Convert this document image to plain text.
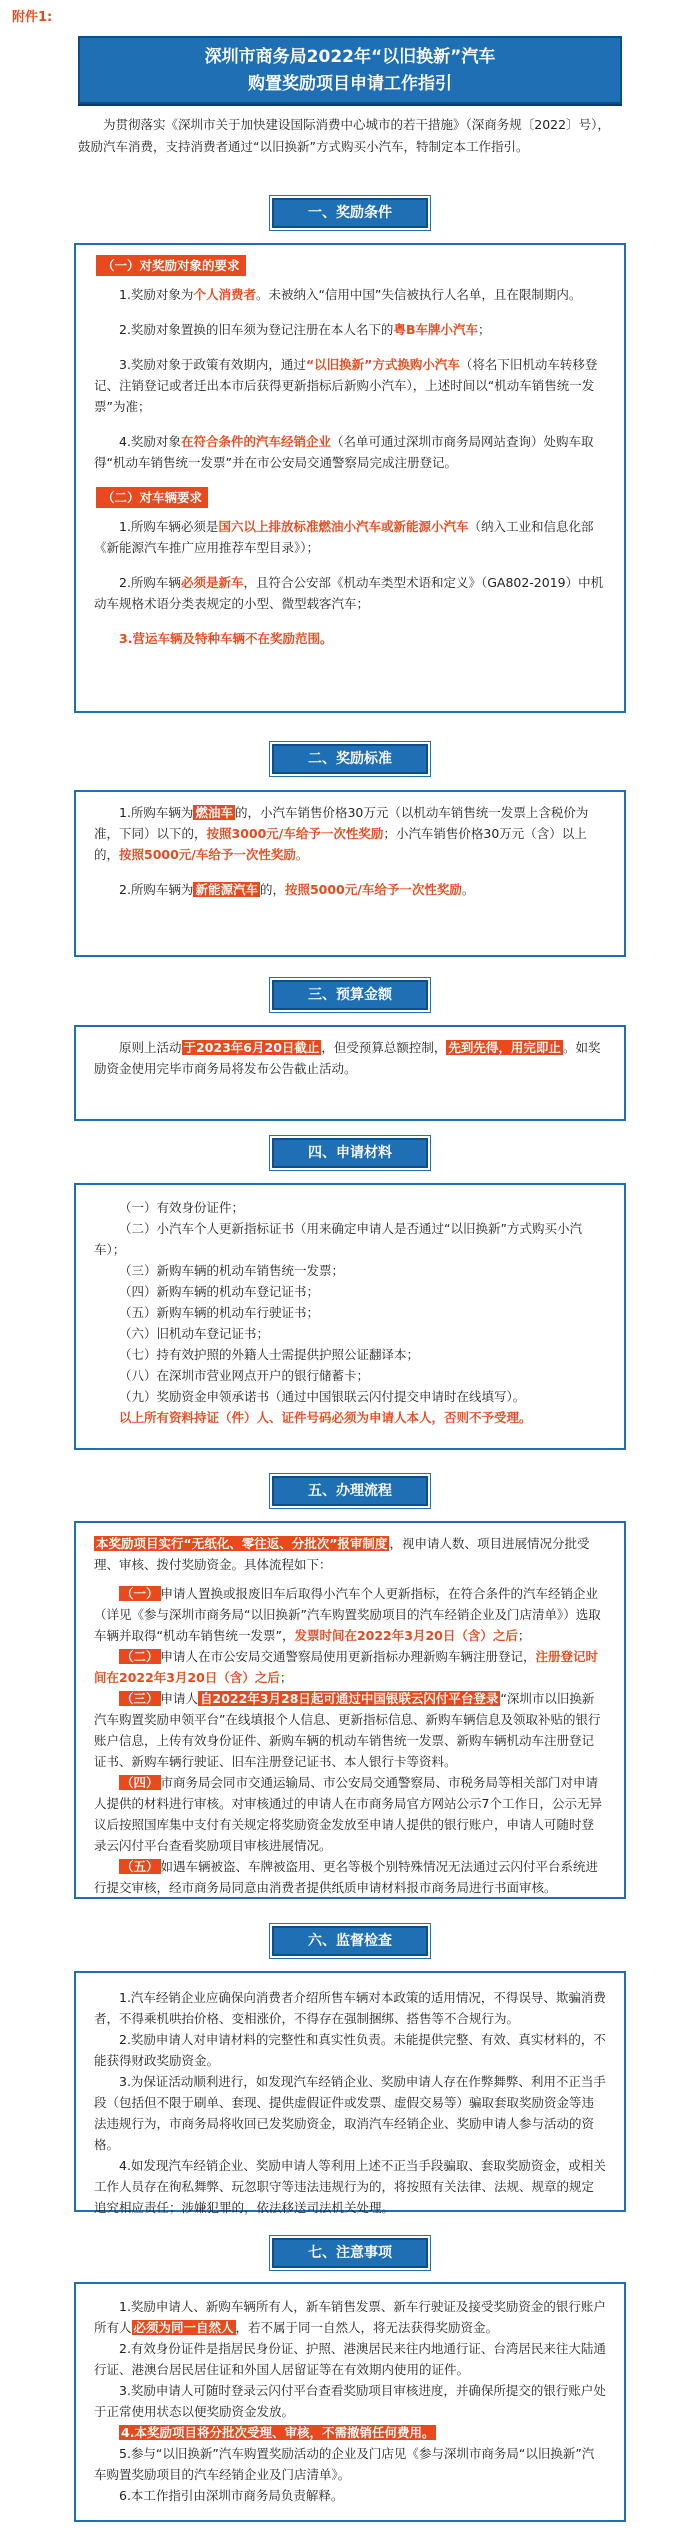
附件1:
深圳市商务局2022年“以旧换新”汽车
购置奖励项目申请工作指引
为贯彻落实《深圳市关于加快建设国际消费中心城市的若干措施》（深商务规〔2022〕号），鼓励汽车消费，支持消费者通过“以旧换新”方式购买小汽车，特制定本工作指引。
一、奖励条件

（一）对奖励对象的要求

1.奖励对象为个人消费者。未被纳入“信用中国”失信被执行人名单，且在限制期内。

2.奖励对象置换的旧车须为登记注册在本人名下的粤B车牌小汽车；

3.奖励对象于政策有效期内，通过“以旧换新”方式换购小汽车（将名下旧机动车转移登记、注销登记或者迁出本市后获得更新指标后新购小汽车），上述时间以“机动车销售统一发票”为准；

4.奖励对象在符合条件的汽车经销企业（名单可通过深圳市商务局网站查询）处购车取得“机动车销售统一发票”并在市公安局交通警察局完成注册登记。

（二）对车辆要求

1.所购车辆必须是国六以上排放标准燃油小汽车或新能源小汽车（纳入工业和信息化部《新能源汽车推广应用推荐车型目录》）；

2.所购车辆必须是新车，且符合公安部《机动车类型术语和定义》（GA802-2019）中机动车规格术语分类表规定的小型、微型载客汽车；

3.营运车辆及特种车辆不在奖励范围。

二、奖励标准

1.所购车辆为 燃油车 的，小汽车销售价格30万元（以机动车销售统一发票上含税价为准，下同）以下的，按照3000元/车给予一次性奖励；小汽车销售价格30万元（含）以上的，按照5000元/车给予一次性奖励。

2.所购车辆为 新能源汽车 的，按照5000元/车给予一次性奖励。

三、预算金额

原则上活动 于2023年6月20日截止 ，但受预算总额控制， 先到先得，用完即止 。如奖励资金使用完毕市商务局将发布公告截止活动。

四、申请材料

（一）有效身份证件；

（二）小汽车个人更新指标证书（用来确定申请人是否通过“以旧换新”方式购买小汽车）；

（三）新购车辆的机动车销售统一发票；

（四）新购车辆的机动车登记证书；

（五）新购车辆的机动车行驶证书；

（六）旧机动车登记证书；

（七）持有效护照的外籍人士需提供护照公证翻译本；

（八）在深圳市营业网点开户的银行储蓄卡；

（九）奖励资金申领承诺书（通过中国银联云闪付提交申请时在线填写）。

以上所有资料持证（件）人、证件号码必须为申请人本人，否则不予受理。

五、办理流程

本奖励项目实行“无纸化、零往返、分批次”报审制度 ，视申请人数、项目进展情况分批受理、审核、拨付奖励资金。具体流程如下：

（一） 申请人置换或报废旧车后取得小汽车个人更新指标，在符合条件的汽车经销企业（详见《参与深圳市商务局“以旧换新”汽车购置奖励项目的汽车经销企业及门店清单》）选取车辆并取得“机动车销售统一发票”，发票时间在2022年3月20日（含）之后；

（二） 申请人在市公安局交通警察局使用更新指标办理新购车辆注册登记，注册登记时间在2022年3月20日（含）之后；

（三） 申请人 自2022年3月28日起可通过中国银联云闪付平台登录 “深圳市以旧换新汽车购置奖励申领平台”在线填报个人信息、更新指标信息、新购车辆信息及领取补贴的银行账户信息，上传有效身份证件、新购车辆的机动车销售统一发票、新购车辆机动车注册登记证书、新购车辆行驶证、旧车注册登记证书、本人银行卡等资料。

（四） 市商务局会同市交通运输局、市公安局交通警察局、市税务局等相关部门对申请人提供的材料进行审核。对审核通过的申请人在市商务局官方网站公示7个工作日，公示无异议后按照国库集中支付有关规定将奖励资金发放至申请人提供的银行账户，申请人可随时登录云闪付平台查看奖励项目审核进展情况。

（五） 如遇车辆被盗、车牌被盗用、更名等极个别特殊情况无法通过云闪付平台系统进行提交审核，经市商务局同意由消费者提供纸质申请材料报市商务局进行书面审核。

六、监督检查

1.汽车经销企业应确保向消费者介绍所售车辆对本政策的适用情况，不得误导、欺骗消费者，不得乘机哄抬价格、变相涨价，不得存在强制捆绑、搭售等不合规行为。

2.奖励申请人对申请材料的完整性和真实性负责。未能提供完整、有效、真实材料的，不能获得财政奖励资金。

3.为保证活动顺利进行，如发现汽车经销企业、奖励申请人存在作弊舞弊、利用不正当手段（包括但不限于刷单、套现、提供虚假证件或发票、虚假交易等）骗取套取奖励资金等违法违规行为，市商务局将收回已发奖励资金，取消汽车经销企业、奖励申请人参与活动的资格。

4.如发现汽车经销企业、奖励申请人等利用上述不正当手段骗取、套取奖励资金，或相关工作人员存在徇私舞弊、玩忽职守等违法违规行为的，将按照有关法律、法规、规章的规定追究相应责任；涉嫌犯罪的，依法移送司法机关处理。

七、注意事项

1.奖励申请人、新购车辆所有人，新车销售发票、新车行驶证及接受奖励资金的银行账户所有人 必须为同一自然人 ，若不属于同一自然人，将无法获得奖励资金。

2.有效身份证件是指居民身份证、护照、港澳居民来往内地通行证、台湾居民来往大陆通行证、港澳台居民居住证和外国人居留证等在有效期内使用的证件。

3.奖励申请人可随时登录云闪付平台查看奖励项目审核进度，并确保所提交的银行账户处于正常使用状态以便奖励资金发放。

4.本奖励项目将分批次受理、审核，不需撤销任何费用。

5.参与“以旧换新”汽车购置奖励活动的企业及门店见《参与深圳市商务局“以旧换新”汽车购置奖励项目的汽车经销企业及门店清单》。

6.本工作指引由深圳市商务局负责解释。
